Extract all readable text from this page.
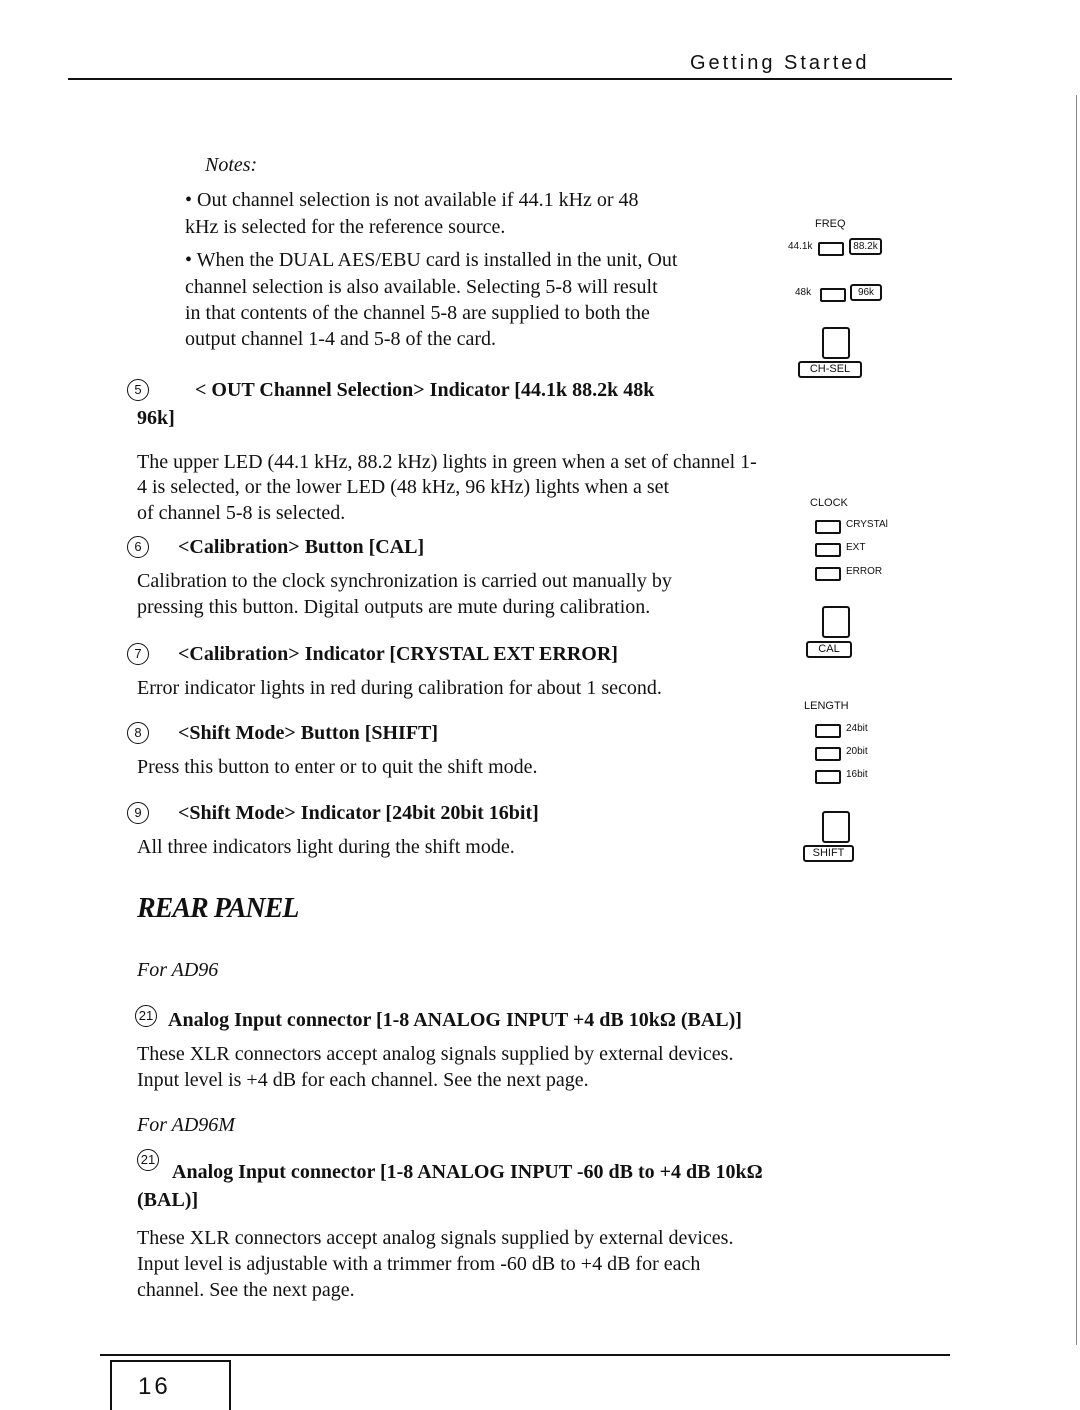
Getting Started
Notes:
REAR PANEL
For AD96
For AD96M
FREQ
44.1k	88.2k
48k	96k
CH-SEL
CLOCK
CRYSTAl
EXT
ERROR
CAL
LENGTH
24bit
20bit
16bit
SHIFT
16
• Out channel selection is not available if 44.1 kHz or 48
kHz is selected for the reference source.
• When the DUAL AES/EBU card is installed in the unit, Out
channel selection is also available. Selecting 5-8 will result
in that contents of the channel 5-8 are supplied to both the
output channel 1-4 and 5-8 of the card.
5	< OUT Channel Selection> Indicator [44.1k 88.2k 48k
96k]
The upper LED (44.1 kHz, 88.2 kHz) lights in green when a set of channel 1-
4 is selected, or the lower LED (48 kHz, 96 kHz) lights when a set
of channel 5-8 is selected.
6	<Calibration> Button [CAL]
Calibration to the clock synchronization is carried out manually by
pressing this button. Digital outputs are mute during calibration.
7	<Calibration> Indicator [CRYSTAL EXT ERROR]
Error indicator lights in red during calibration for about 1 second.
8	<Shift Mode> Button [SHIFT]
Press this button to enter or to quit the shift mode.
9	<Shift Mode> Indicator [24bit 20bit 16bit]
All three indicators light during the shift mode.
21 Analog Input connector [1-8 ANALOG INPUT +4 dB 10kΩ (BAL)]
These XLR connectors accept analog signals supplied by external devices.
Input level is +4 dB for each channel. See the next page.
21
Analog Input connector [1-8 ANALOG INPUT -60 dB to +4 dB 10kΩ
(BAL)]
These XLR connectors accept analog signals supplied by external devices.
Input level is adjustable with a trimmer from -60 dB to +4 dB for each
channel. See the next page.
